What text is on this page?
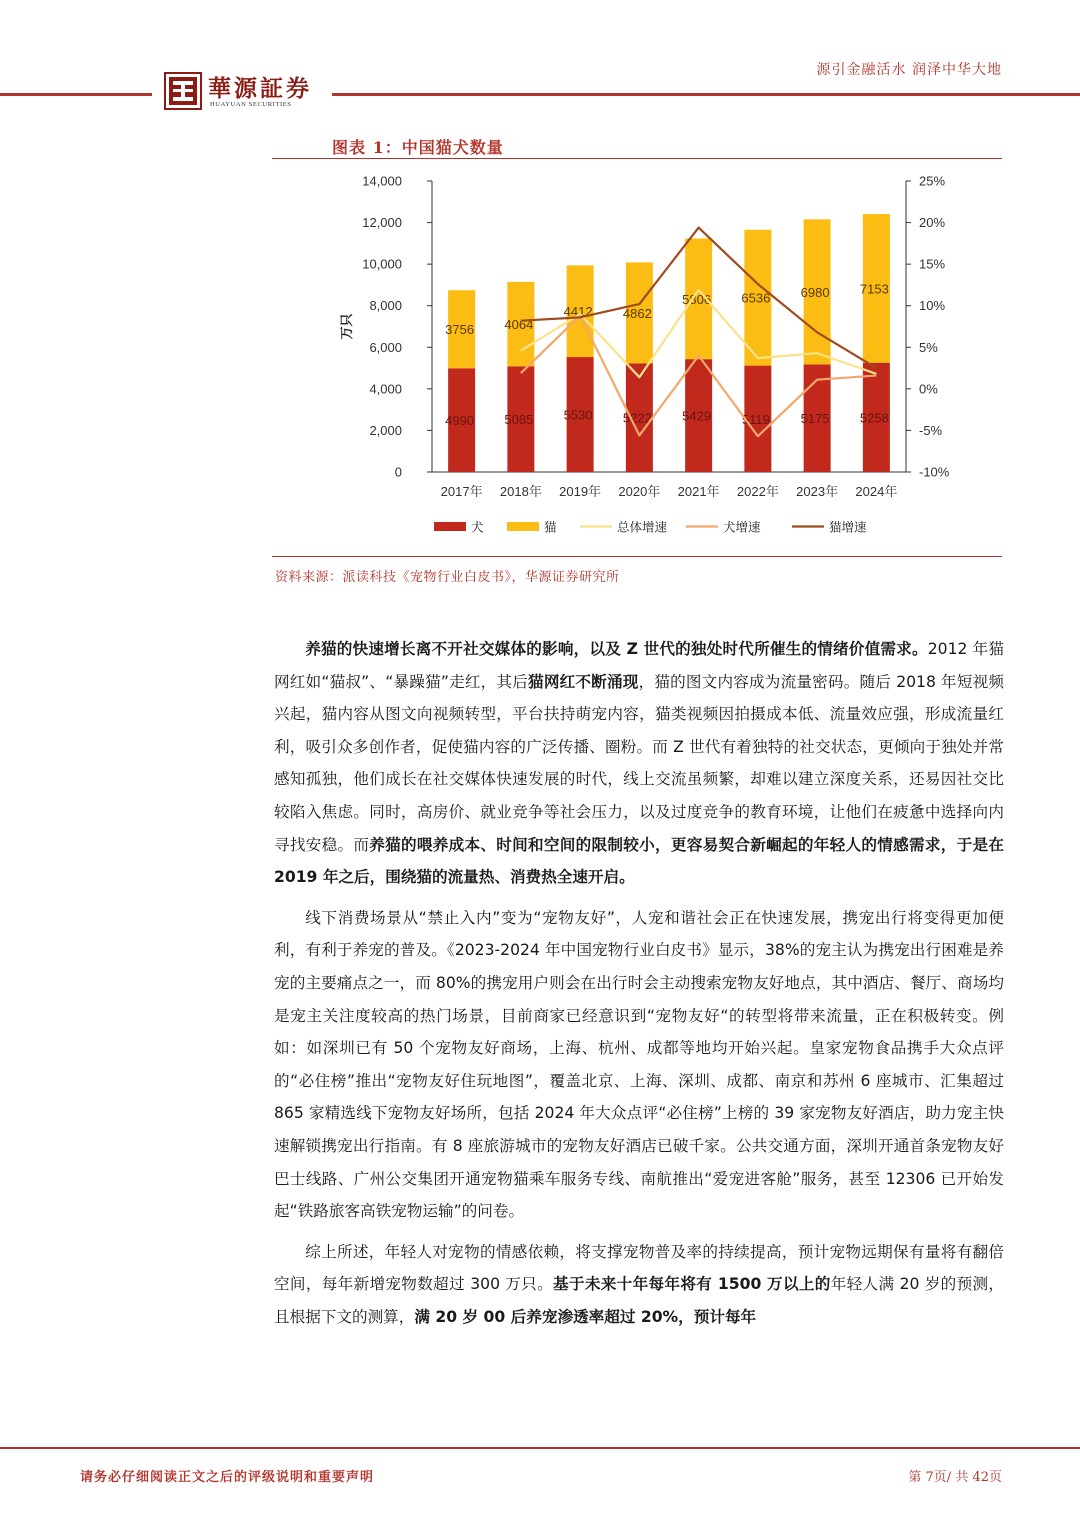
華源証券
HUAYUAN SECURITIES
源引金融活水 润泽中华大地
图表 1：中国猫犬数量
14,000
12,000
10,000
8,000
6,000
4,000
2,000
0
25%
20%
15%
10%
5%
0%
-5%
-10%
万只
4990
3756
2017年
5085
4064
2018年
5530
4412
2019年
5222
4862
2020年
5429
5806
2021年
5119
6536
2022年
5175
6980
2023年
5258
7153
2024年
犬	猫	总体增速	犬增速	猫增速
资料来源：派读科技《宠物行业白皮书》，华源证券研究所

养猫的快速增长离不开社交媒体的影响，以及 Z 世代的独处时代所催生的情绪价值需求。2012 年猫网红如“猫叔”、“暴躁猫”走红，其后猫网红不断涌现，猫的图文内容成为流量密码。随后 2018 年短视频兴起，猫内容从图文向视频转型，平台扶持萌宠内容，猫类视频因拍摄成本低、流量效应强，形成流量红利，吸引众多创作者，促使猫内容的广泛传播、圈粉。而 Z 世代有着独特的社交状态，更倾向于独处并常感知孤独，他们成长在社交媒体快速发展的时代，线上交流虽频繁，却难以建立深度关系，还易因社交比较陷入焦虑。同时，高房价、就业竞争等社会压力，以及过度竞争的教育环境，让他们在疲惫中选择向内寻找安稳。而养猫的喂养成本、时间和空间的限制较小，更容易契合新崛起的年轻人的情感需求，于是在 2019 年之后，围绕猫的流量热、消费热全速开启。

线下消费场景从“禁止入内”变为“宠物友好”，人宠和谐社会正在快速发展，携宠出行将变得更加便利，有利于养宠的普及。《2023-2024 年中国宠物行业白皮书》显示，38%的宠主认为携宠出行困难是养宠的主要痛点之一，而 80%的携宠用户则会在出行时会主动搜索宠物友好地点，其中酒店、餐厅、商场均是宠主关注度较高的热门场景，目前商家已经意识到“宠物友好“的转型将带来流量，正在积极转变。例如：如深圳已有 50 个宠物友好商场，上海、杭州、成都等地均开始兴起。皇家宠物食品携手大众点评的“必住榜”推出“宠物友好住玩地图”，覆盖北京、上海、深圳、成都、南京和苏州 6 座城市、汇集超过 865 家精选线下宠物友好场所，包括 2024 年大众点评“必住榜”上榜的 39 家宠物友好酒店，助力宠主快速解锁携宠出行指南。有 8 座旅游城市的宠物友好酒店已破千家。公共交通方面，深圳开通首条宠物友好巴士线路、广州公交集团开通宠物猫乘车服务专线、南航推出“爱宠进客舱”服务，甚至 12306 已开始发起“铁路旅客高铁宠物运输”的问卷。

综上所述，年轻人对宠物的情感依赖，将支撑宠物普及率的持续提高，预计宠物远期保有量将有翻倍空间，每年新增宠物数超过 300 万只。基于未来十年每年将有 1500 万以上的年轻人满 20 岁的预测，且根据下文的测算，满 20 岁 00 后养宠渗透率超过 20%，预计每年

请务必仔细阅读正文之后的评级说明和重要声明	第 7页/ 共 42页
